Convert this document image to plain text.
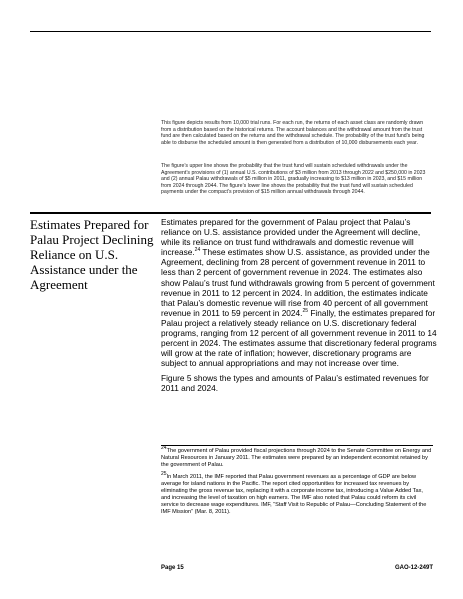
This figure depicts results from 10,000 trial runs. For each run, the returns of each asset class are randomly drawn from a distribution based on the historical returns. The account balances and the withdrawal amount from the trust fund are then calculated based on the returns and the withdrawal schedule. The probability of the trust fund’s being able to disburse the scheduled amount is then generated from a distribution of 10,000 disbursements each year.

The figure’s upper line shows the probability that the trust fund will sustain scheduled withdrawals under the Agreement’s provisions of (1) annual U.S. contributions of $3 million from 2013 through 2022 and $250,000 in 2023 and (2) annual Palau withdrawals of $5 million in 2011, gradually increasing to $13 million in 2023, and $15 million from 2024 through 2044. The figure’s lower line shows the probability that the trust fund will sustain scheduled payments under the compact’s provision of $15 million annual withdrawals through 2044.

Estimates Prepared for Palau Project Declining Reliance on U.S. Assistance under the Agreement

Estimates prepared for the government of Palau project that Palau’s reliance on U.S. assistance provided under the Agreement will decline, while its reliance on trust fund withdrawals and domestic revenue will increase.$^{24}$ These estimates show U.S. assistance, as provided under the Agreement, declining from 28 percent of government revenue in 2011 to less than 2 percent of government revenue in 2024. The estimates also show Palau’s trust fund withdrawals growing from 5 percent of government revenue in 2011 to 12 percent in 2024. In addition, the estimates indicate that Palau’s domestic revenue will rise from 40 percent of all government revenue in 2011 to 59 percent in 2024.25 Finally, the estimates prepared for Palau project a relatively steady reliance on U.S. discretionary federal programs, ranging from 12 percent of all government revenue in 2011 to 14 percent in 2024. The estimates assume that discretionary federal programs will grow at the rate of inflation; however, discretionary programs are subject to annual appropriations and may not increase over time.

Figure 5 shows the types and amounts of Palau’s estimated revenues for 2011 and 2024.

$^{24}$The government of Palau provided fiscal projections through 2024 to the Senate Committee on Energy and Natural Resources in January 2011. The estimates were prepared by an independent economist retained by the government of Palau.

$^{25}$In March 2011, the IMF reported that Palau government revenues as a percentage of GDP are below average for island nations in the Pacific. The report cited opportunities for increased tax revenues by eliminating the gross revenue tax, replacing it with a corporate income tax, introducing a Value Added Tax, and increasing the level of taxation on high earners. The IMF also noted that Palau could reform its civil service to decrease wage expenditures. IMF, “Staff Visit to Republic of Palau—Concluding Statement of the IMF Mission” (Mar. 8, 2011).

Page 15	GAO-12-249T
